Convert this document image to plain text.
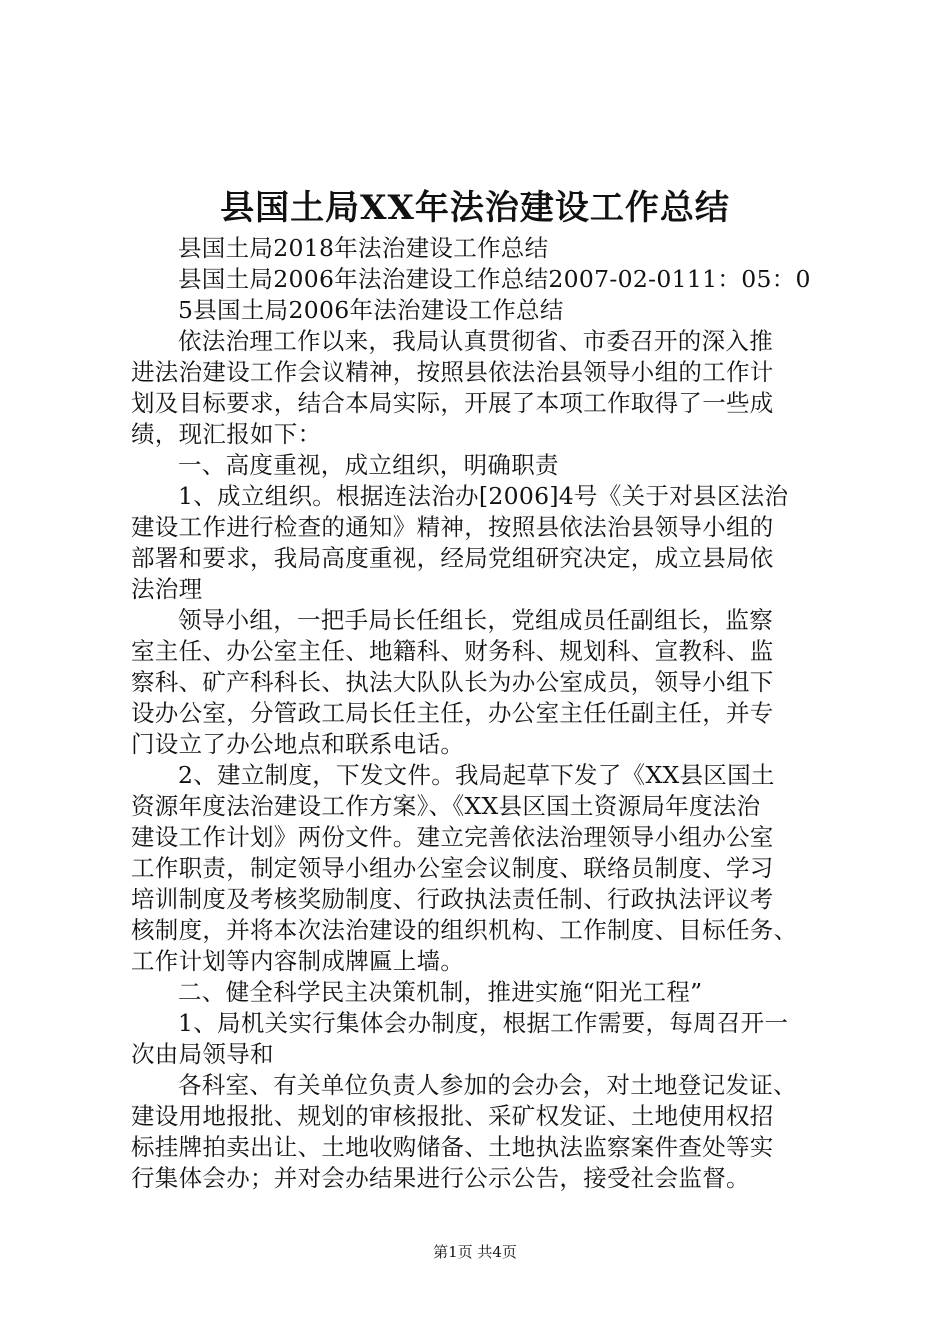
县国土局XX年法治建设工作总结
县国土局2018年法治建设工作总结
县国土局2006年法治建设工作总结2007-02-0111：05：0
5县国土局2006年法治建设工作总结
依法治理工作以来，我局认真贯彻省、市委召开的深入推
进法治建设工作会议精神，按照县依法治县领导小组的工作计
划及目标要求，结合本局实际，开展了本项工作取得了一些成
绩，现汇报如下：
一、高度重视，成立组织，明确职责
1、成立组织。根据连法治办[2006]4号《关于对县区法治
建设工作进行检查的通知》精神，按照县依法治县领导小组的
部署和要求，我局高度重视，经局党组研究决定，成立县局依
法治理
领导小组，一把手局长任组长，党组成员任副组长，监察
室主任、办公室主任、地籍科、财务科、规划科、宣教科、监
察科、矿产科科长、执法大队队长为办公室成员，领导小组下
设办公室，分管政工局长任主任，办公室主任任副主任，并专
门设立了办公地点和联系电话。
2、建立制度，下发文件。我局起草下发了《XX县区国土
资源年度法治建设工作方案》、《XX县区国土资源局年度法治
建设工作计划》两份文件。建立完善依法治理领导小组办公室
工作职责，制定领导小组办公室会议制度、联络员制度、学习
培训制度及考核奖励制度、行政执法责任制、行政执法评议考
核制度，并将本次法治建设的组织机构、工作制度、目标任务、
工作计划等内容制成牌匾上墙。
二、健全科学民主决策机制，推进实施“阳光工程”
1、局机关实行集体会办制度，根据工作需要，每周召开一
次由局领导和
各科室、有关单位负责人参加的会办会，对土地登记发证、
建设用地报批、规划的审核报批、采矿权发证、土地使用权招
标挂牌拍卖出让、土地收购储备、土地执法监察案件查处等实
行集体会办；并对会办结果进行公示公告，接受社会监督。
第1页 共4页
